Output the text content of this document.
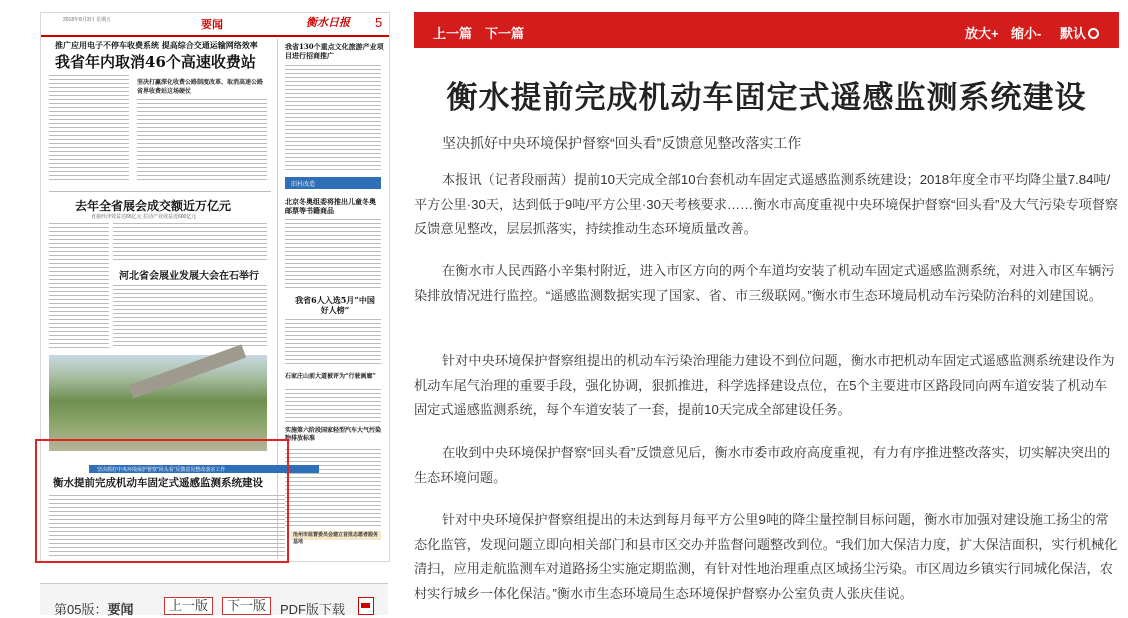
2018年8月3日 星期五	要闻	衡水日报 5
推广应用电子不停车收费系统 提高综合交通运输网络效率
我省年内取消46个高速收费站
坚决打赢深化收费公路制度改革、取消高速公路省界收费站这场硬仗
我省130个重点文化旅游产业项目进行招商推广
旧村改造
北京冬奥组委将推出儿童冬奥邮票等书籍商品
我省6人入选5月“中国好人榜”
去年全省展会成交额近万亿元
直接经济效益达65亿元 拉动产业效益近600亿元
河北省会展业发展大会在石举行
石家庄山前大道被评为“行驶画廊”
实施第六阶段国家轻型汽车大气污染物排放标准
坚决抓好中央环境保护督察“回头看”反馈意见整改落实工作
衡水提前完成机动车固定式遥感监测系统建设
沧州市监督委员会建立首批志愿者服务基地
第05版：要闻	上一版	下一版	PDF版下载
上一篇 下一篇	放大+ 缩小- 默认
衡水提前完成机动车固定式遥感监测系统建设
坚决抓好中央环境保护督察“回头看”反馈意见整改落实工作

本报讯（记者段丽茜）提前10天完成全部10台套机动车固定式遥感监测系统建设；2018年度全市平均降尘量7.84吨/平方公里·30天，达到低于9吨/平方公里·30天考核要求……衡水市高度重视中央环境保护督察“回头看”及大气污染专项督察反馈意见整改，层层抓落实，持续推动生态环境质量改善。

在衡水市人民西路小辛集村附近，进入市区方向的两个车道均安装了机动车固定式遥感监测系统，对进入市区车辆污染排放情况进行监控。“遥感监测数据实现了国家、省、市三级联网。”衡水市生态环境局机动车污染防治科的刘建国说。

针对中央环境保护督察组提出的机动车污染治理能力建设不到位问题，衡水市把机动车固定式遥感监测系统建设作为机动车尾气治理的重要手段，强化协调，狠抓推进，科学选择建设点位，在5个主要进市区路段同向两车道安装了机动车固定式遥感监测系统，每个车道安装了一套，提前10天完成全部建设任务。

在收到中央环境保护督察“回头看”反馈意见后，衡水市委市政府高度重视，有力有序推进整改落实，切实解决突出的生态环境问题。

针对中央环境保护督察组提出的未达到每月每平方公里9吨的降尘量控制目标问题，衡水市加强对建设施工扬尘的常态化监管，发现问题立即向相关部门和县市区交办并监督问题整改到位。“我们加大保洁力度，扩大保洁面积，实行机械化清扫，应用走航监测车对道路扬尘实施定期监测，有针对性地治理重点区域扬尘污染。市区周边乡镇实行同城化保洁，农村实行城乡一体化保洁。”衡水市生态环境局生态环境保护督察办公室负责人张庆佳说。
